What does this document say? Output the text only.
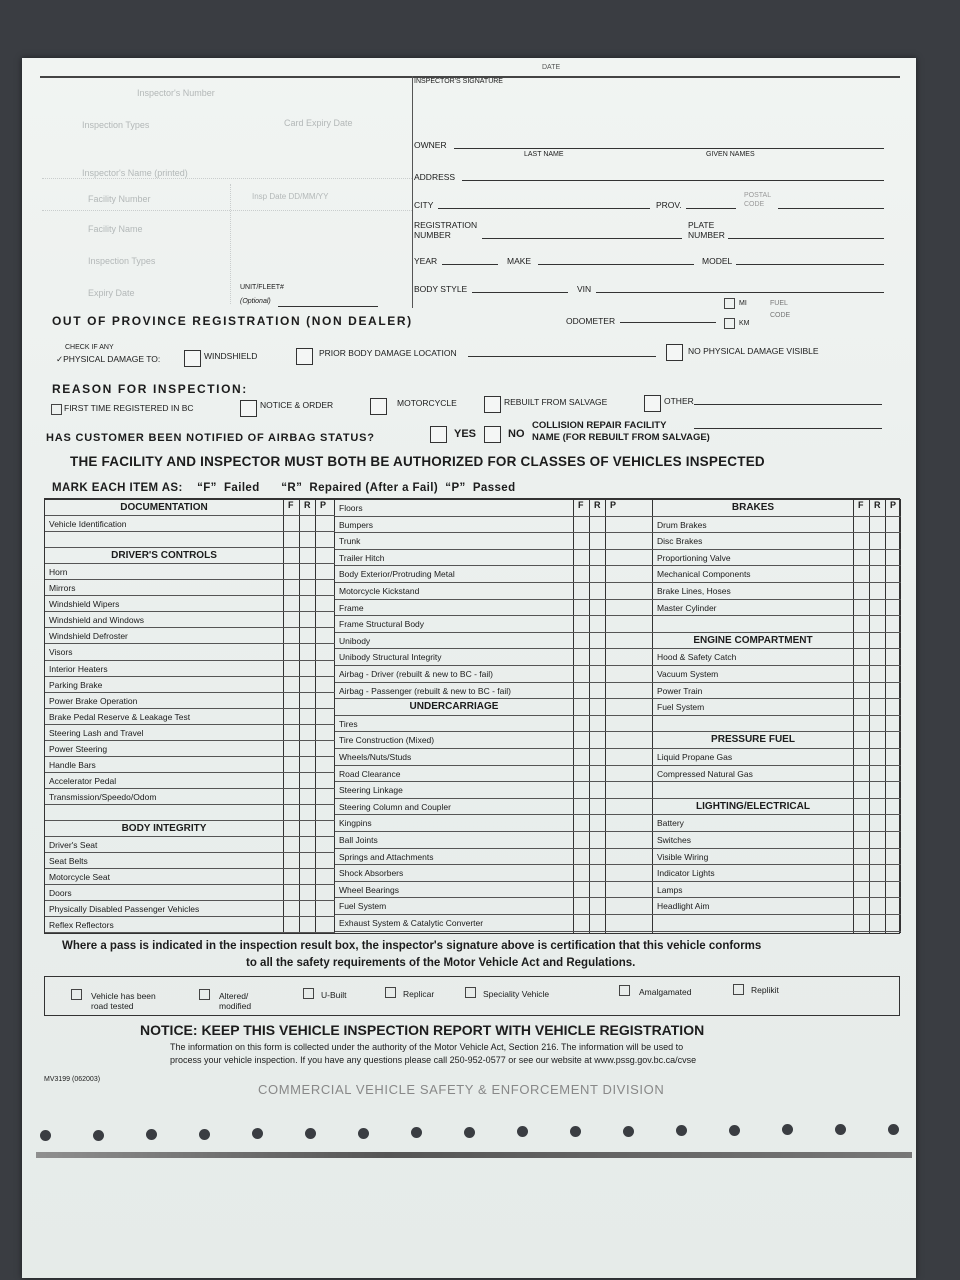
DATE
INSPECTOR'S SIGNATURE
Inspector's Number
Inspection Types	Card Expiry Date
Inspector's Name (printed)
Facility Number	Insp Date DD/MM/YY
Facility Name
Inspection Types
Expiry Date
UNIT/FLEET#
(Optional)
OWNER
LAST NAME	GIVEN NAMES
ADDRESS
CITY	PROV.
POSTAL
CODE
REGISTRATION
NUMBER
PLATE
NUMBER
YEAR	MAKE	MODEL
BODY STYLE	VIN
MI
KM
ODOMETER
FUEL
CODE
OUT OF PROVINCE REGISTRATION (NON DEALER)
CHECK IF ANY
✓PHYSICAL DAMAGE TO:	WINDSHIELD	PRIOR BODY DAMAGE LOCATION	NO PHYSICAL DAMAGE VISIBLE
REASON FOR INSPECTION:
FIRST TIME REGISTERED IN BC	NOTICE & ORDER	MOTORCYCLE	REBUILT FROM SALVAGE	OTHER
HAS CUSTOMER BEEN NOTIFIED OF AIRBAG STATUS?	YES	NO
COLLISION REPAIR FACILITY
NAME (FOR REBUILT FROM SALVAGE)
THE FACILITY AND INSPECTOR MUST BOTH BE AUTHORIZED FOR CLASSES OF VEHICLES INSPECTED
MARK EACH ITEM AS:    “F”  Failed      “R”  Repaired (After a Fail)  “P”  Passed
F R P
DOCUMENTATION
Vehicle Identification
DRIVER'S CONTROLS
Horn
Mirrors
Windshield Wipers
Windshield and Windows
Windshield Defroster
Visors
Interior Heaters
Parking Brake
Power Brake Operation
Brake Pedal Reserve & Leakage Test
Steering Lash and Travel
Power Steering
Handle Bars
Accelerator Pedal
Transmission/Speedo/Odom
BODY INTEGRITY
Driver's Seat
Seat Belts
Motorcycle Seat
Doors
Physically Disabled Passenger Vehicles
Reflex Reflectors
F R P
Floors
Bumpers
Trunk
Trailer Hitch
Body Exterior/Protruding Metal
Motorcycle Kickstand
Frame
Frame Structural Body
Unibody
Unibody Structural Integrity
Airbag - Driver (rebuilt & new to BC - fail)
Airbag - Passenger (rebuilt & new to BC - fail)
UNDERCARRIAGE
Tires
Tire Construction (Mixed)
Wheels/Nuts/Studs
Road Clearance
Steering Linkage
Steering Column and Coupler
Kingpins
Ball Joints
Springs and Attachments
Shock Absorbers
Wheel Bearings
Fuel System
Exhaust System & Catalytic Converter
F R P
BRAKES
Drum Brakes
Disc Brakes
Proportioning Valve
Mechanical Components
Brake Lines, Hoses
Master Cylinder
ENGINE COMPARTMENT
Hood & Safety Catch
Vacuum System
Power Train
Fuel System
PRESSURE FUEL
Liquid Propane Gas
Compressed Natural Gas
LIGHTING/ELECTRICAL
Battery
Switches
Visible Wiring
Indicator Lights
Lamps
Headlight Aim
Where a pass is indicated in the inspection result box, the inspector's signature above is certification that this vehicle conforms
to all the safety requirements of the Motor Vehicle Act and Regulations.
Vehicle has been
road tested
Altered/
modified
U-Built	Replicar	Speciality Vehicle	Amalgamated	Replikit
NOTICE: KEEP THIS VEHICLE INSPECTION REPORT WITH VEHICLE REGISTRATION
The information on this form is collected under the authority of the Motor Vehicle Act, Section 216. The information will be used to
process your vehicle inspection. If you have any questions please call 250-952-0577 or see our website at www.pssg.gov.bc.ca/cvse
MV3199 (062003)
COMMERCIAL VEHICLE SAFETY & ENFORCEMENT DIVISION
